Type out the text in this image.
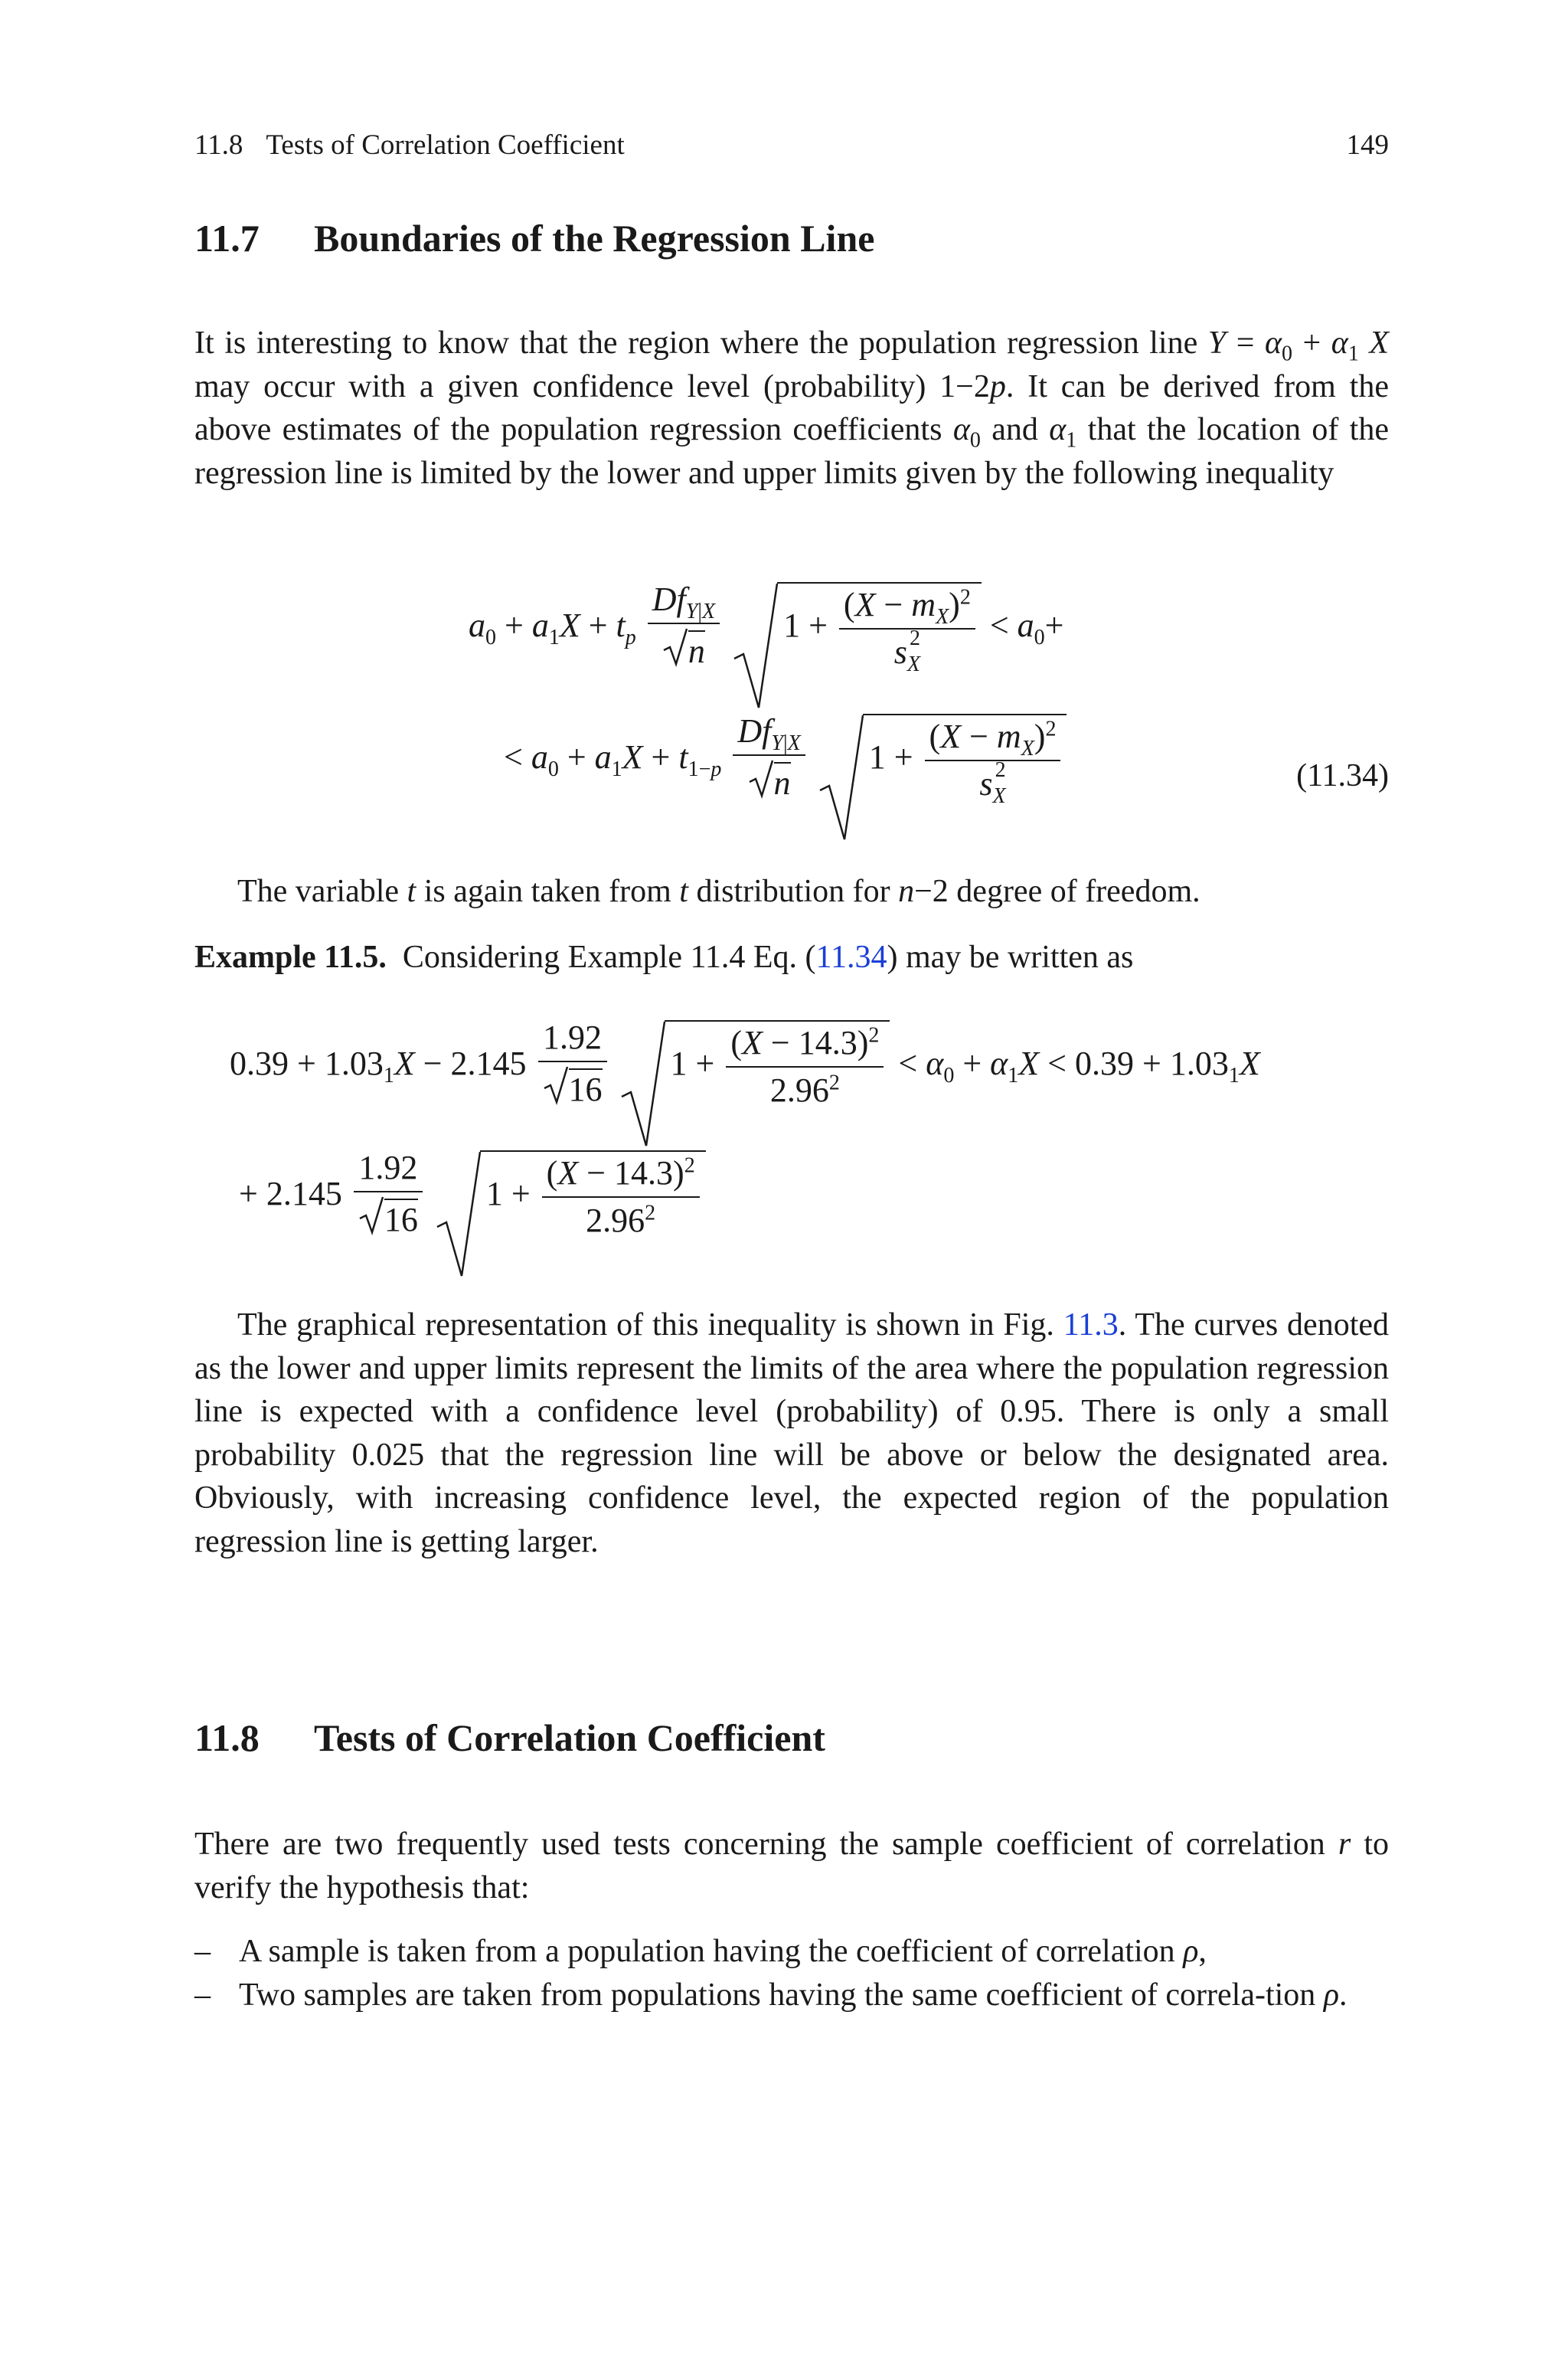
11.8 Tests of Correlation Coefficient	149
11.7 Boundaries of the Regression Line

It is interesting to know that the region where the population regression line $Y = \alpha_0 + \alpha_1$ X may occur with a given confidence level (probability) 1−2p. It can be derived from the above estimates of the population regression coefficients $\alpha_0$ and $\alpha_1$ that the location of the regression line is limited by the lower and upper limits given by the following inequality

$a_0 + a_1X + t_p \frac{Df_{Y|X}}{n}$
$1 + \frac{(X - m_X)^2}{s_X^2} < a_0+$
< $a_0 + a_1X + t_{1-p} \frac{Df_{Y|X}}{n}$
$1 + \frac{(X - m_X)^2}{s_X^2}$	(11.34)

The variable t is again taken from t distribution for n−2 degree of freedom.

Example 11.5. Considering Example 11.4 Eq. (11.34) may be written as

$0.39 + 1.03_1X - 2.145 \frac{1.92}{16}$
$1 + \frac{(X - 14.3)^2}{2.96^2} < \alpha_0 + \alpha_1X < 0.39 + 1.03_1X$
+ $2.145 \frac{1.92}{16}$
$1 + \frac{(X - 14.3)^2}{2.96^2}$

The graphical representation of this inequality is shown in Fig. 11.3. The curves denoted as the lower and upper limits represent the limits of the area where the population regression line is expected with a confidence level (probability) of 0.95. There is only a small probability 0.025 that the regression line will be above or below the designated area. Obviously, with increasing confidence level, the expected region of the population regression line is getting larger.

11.8 Tests of Correlation Coefficient

There are two frequently used tests concerning the sample coefficient of correlation r to verify the hypothesis that:

– A sample is taken from a population having the coefficient of correlation ρ,
– Two samples are taken from populations having the same coefficient of correla-tion ρ.
